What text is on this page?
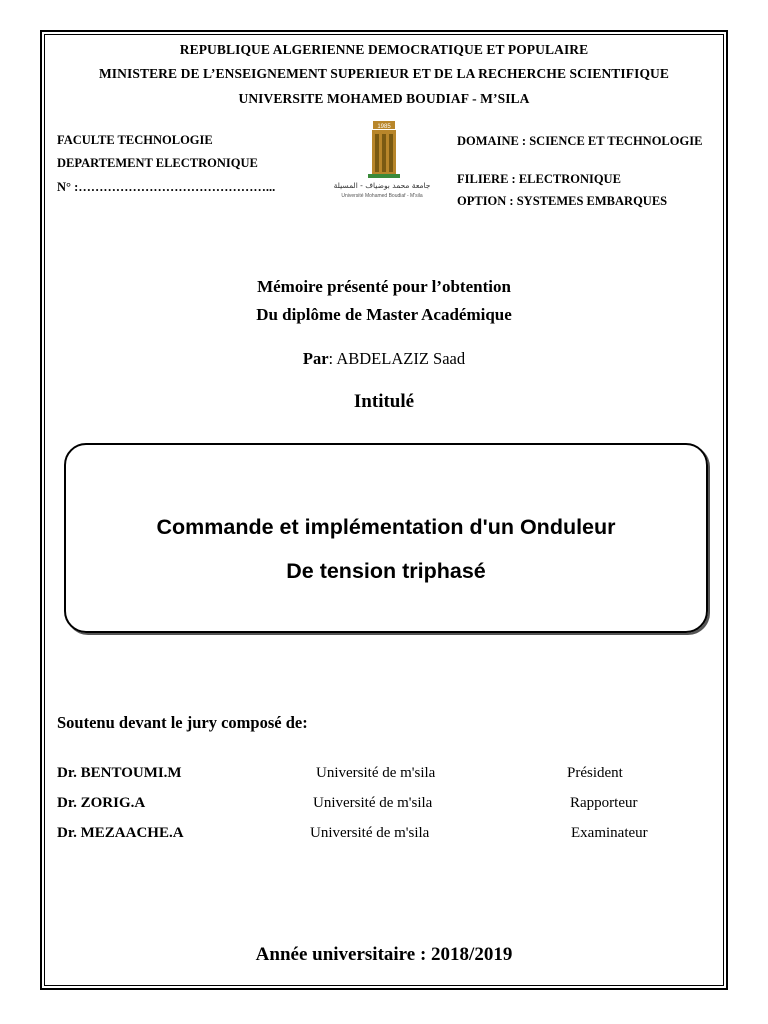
REPUBLIQUE ALGERIENNE DEMOCRATIQUE ET POPULAIRE
MINISTERE DE L’ENSEIGNEMENT SUPERIEUR ET DE LA RECHERCHE SCIENTIFIQUE
UNIVERSITE MOHAMED BOUDIAF - M’SILA
FACULTE TECHNOLOGIE
DEPARTEMENT ELECTRONIQUE
N° :………………………………………...
1985
جامعة محمد بوضياف - المسيلة
Université Mohamed Boudiaf - M'sila
DOMAINE : SCIENCE ET TECHNOLOGIE
FILIERE : ELECTRONIQUE
OPTION : SYSTEMES EMBARQUES
Mémoire présenté pour l’obtention
Du diplôme de Master Académique
Par: ABDELAZIZ Saad
Intitulé
Commande et implémentation d'un Onduleur
De tension triphasé
Soutenu devant le jury composé de:
Dr. BENTOUMI.M	Université de m'sila	Président
Dr. ZORIG.A	Université de m'sila	Rapporteur
Dr. MEZAACHE.A	Université de m'sila	Examinateur
Année universitaire : 2018/2019
